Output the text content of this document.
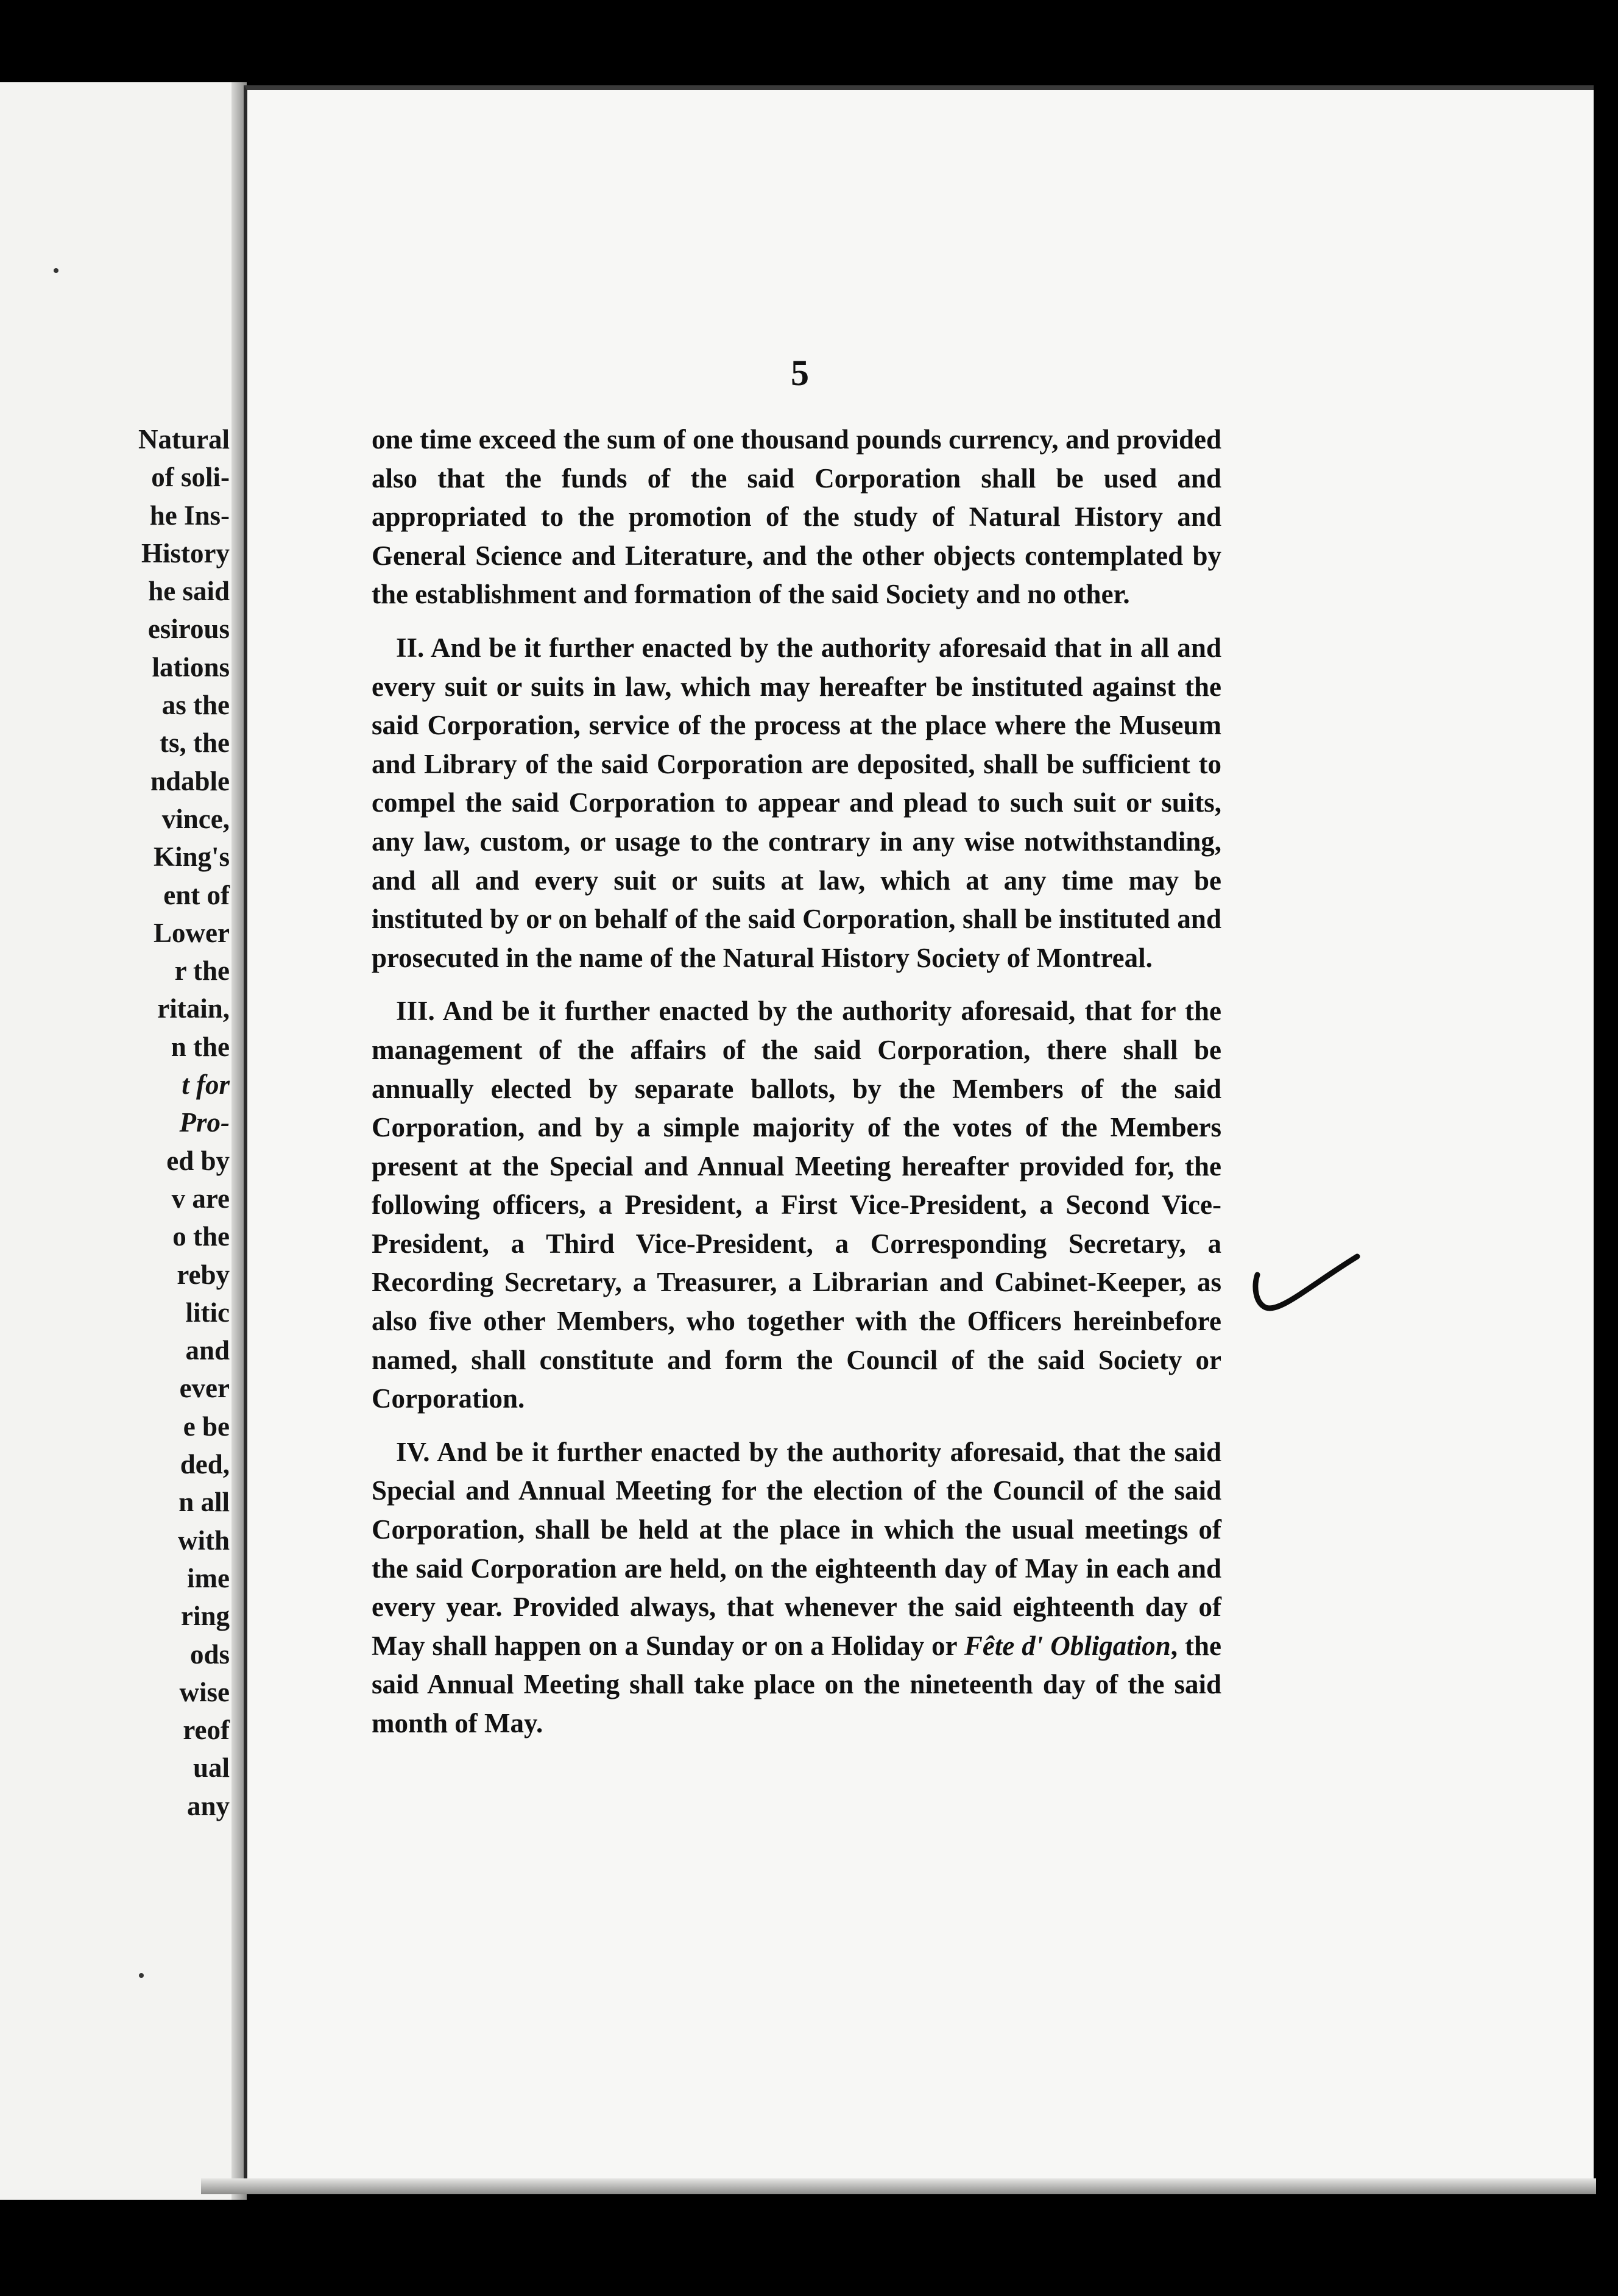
Natural
of soli-
he Ins-
History
he said
esirous
lations
as the
ts, the
ndable
vince,
King's
ent of
Lower
r the
ritain,
n the
t for
Pro-
ed by
v are
o the
reby
litic
and
ever
e be
ded,
n all
with
ime
ring
ods
wise
reof
ual
any
5

one time exceed the sum of one thousand pounds currency, and provided also that the funds of the said Corporation shall be used and appropriated to the promotion of the study of Natural History and General Science and Literature, and the other objects contemplated by the establishment and formation of the said Society and no other.

II. And be it further enacted by the authority aforesaid that in all and every suit or suits in law, which may hereafter be instituted against the said Corporation, service of the process at the place where the Museum and Library of the said Corporation are deposited, shall be sufficient to compel the said Corporation to appear and plead to such suit or suits, any law, custom, or usage to the contrary in any wise notwithstanding, and all and every suit or suits at law, which at any time may be instituted by or on behalf of the said Corporation, shall be instituted and prosecuted in the name of the Natural History Society of Montreal.

III. And be it further enacted by the authority aforesaid, that for the management of the affairs of the said Corporation, there shall be annually elected by separate ballots, by the Members of the said Corporation, and by a simple majority of the votes of the Members present at the Special and Annual Meeting hereafter provided for, the following officers, a President, a First Vice-President, a Second Vice-President, a Third Vice-President, a Corresponding Secretary, a Recording Secretary, a Treasurer, a Librarian and Cabinet-Keeper, as also five other Members, who together with the Officers hereinbefore named, shall constitute and form the Council of the said Society or Corporation.

IV. And be it further enacted by the authority aforesaid, that the said Special and Annual Meeting for the election of the Council of the said Corporation, shall be held at the place in which the usual meetings of the said Corporation are held, on the eighteenth day of May in each and every year. Provided always, that whenever the said eighteenth day of May shall happen on a Sunday or on a Holiday or Fête d' Obligation, the said Annual Meeting shall take place on the nineteenth day of the said month of May.
